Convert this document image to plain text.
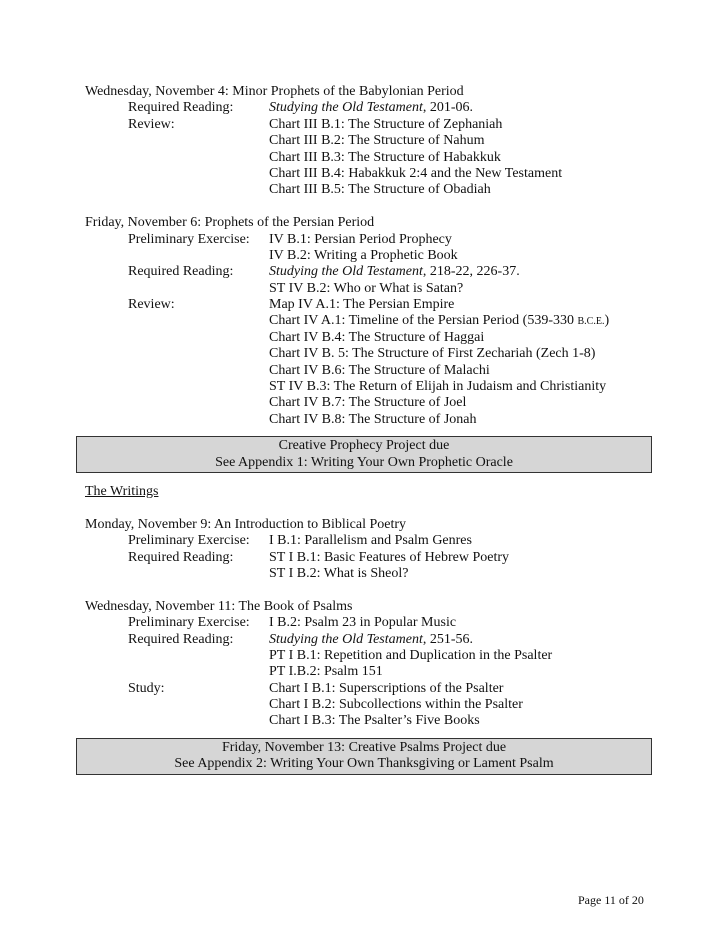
Wednesday, November 4: Minor Prophets of the Babylonian Period
Required Reading:	Studying the Old Testament, 201-06.
Review:	Chart III B.1: The Structure of Zephaniah
Chart III B.2: The Structure of Nahum
Chart III B.3: The Structure of Habakkuk
Chart III B.4: Habakkuk 2:4 and the New Testament
Chart III B.5: The Structure of Obadiah
Friday, November 6: Prophets of the Persian Period
Preliminary Exercise:	IV B.1: Persian Period Prophecy
IV B.2: Writing a Prophetic Book
Required Reading:	Studying the Old Testament, 218-22, 226-37.
ST IV B.2: Who or What is Satan?
Review:	Map IV A.1: The Persian Empire
Chart IV A.1: Timeline of the Persian Period (539-330 B.C.E.)
Chart IV B.4: The Structure of Haggai
Chart IV B. 5: The Structure of First Zechariah (Zech 1-8)
Chart IV B.6: The Structure of Malachi
ST IV B.3: The Return of Elijah in Judaism and Christianity
Chart IV B.7: The Structure of Joel
Chart IV B.8: The Structure of Jonah
Creative Prophecy Project due
See Appendix 1: Writing Your Own Prophetic Oracle
The Writings
Monday, November 9: An Introduction to Biblical Poetry
Preliminary Exercise:	I B.1: Parallelism and Psalm Genres
Required Reading:	ST I B.1: Basic Features of Hebrew Poetry
ST I B.2: What is Sheol?
Wednesday, November 11: The Book of Psalms
Preliminary Exercise:	I B.2: Psalm 23 in Popular Music
Required Reading:	Studying the Old Testament, 251-56.
PT I B.1: Repetition and Duplication in the Psalter
PT I.B.2: Psalm 151
Study:	Chart I B.1: Superscriptions of the Psalter
Chart I B.2: Subcollections within the Psalter
Chart I B.3: The Psalter’s Five Books
Friday, November 13: Creative Psalms Project due
See Appendix 2: Writing Your Own Thanksgiving or Lament Psalm
Page 11 of 20
